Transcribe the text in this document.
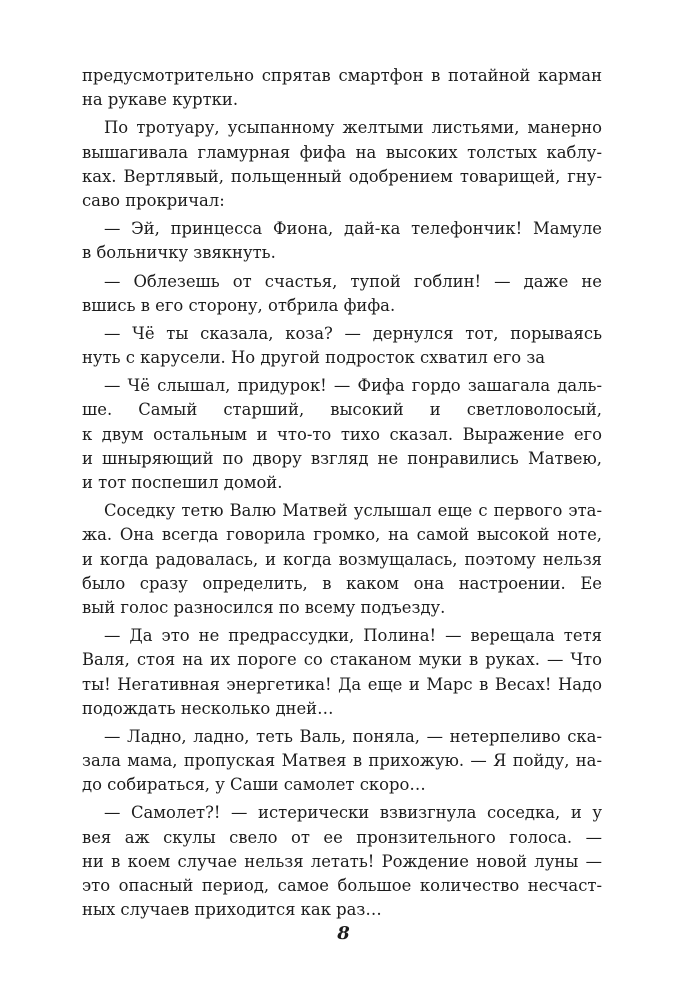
предусмотрительно спрятав смартфон в потайной карман
на рукаве куртки.
По тротуару, усыпанному желтыми листьями, манерно
вышагивала гламурная фифа на высоких толстых каблу-
ках. Вертлявый, польщенный одобрением товарищей, гну-
саво прокричал:
— Эй, принцесса Фиона, дай-ка телефончик! Мамуле
в больничку звякнуть.
— Облезешь от счастья, тупой гоблин! — даже не
вшись в его сторону, отбрила фифа.
— Чё ты сказала, коза? — дернулся тот, порываясь
нуть с карусели. Но другой подросток схватил его за
— Чё слышал, придурок! — Фифа гордо зашагала даль-
ше. Самый старший, высокий и светловолосый,
к двум остальным и что-то тихо сказал. Выражение его
и шныряющий по двору взгляд не понравились Матвею,
и тот поспешил домой.
Соседку тетю Валю Матвей услышал еще с первого эта-
жа. Она всегда говорила громко, на самой высокой ноте,
и когда радовалась, и когда возмущалась, поэтому нельзя
было сразу определить, в каком она настроении. Ее
вый голос разносился по всему подъезду.
— Да это не предрассудки, Полина! — верещала тетя
Валя, стоя на их пороге со стаканом муки в руках. — Что
ты! Негативная энергетика! Да еще и Марс в Весах! Надо
подождать несколько дней…
— Ладно, ладно, теть Валь, поняла, — нетерпеливо ска-
зала мама, пропуская Матвея в прихожую. — Я пойду, на-
до собираться, у Саши самолет скоро…
— Самолет?! — истерически взвизгнула соседка, и у
вея аж скулы свело от ее пронзительного голоса. —
ни в коем случае нельзя летать! Рождение новой луны —
это опасный период, самое большое количество несчаст-
ных случаев приходится как раз…
8
